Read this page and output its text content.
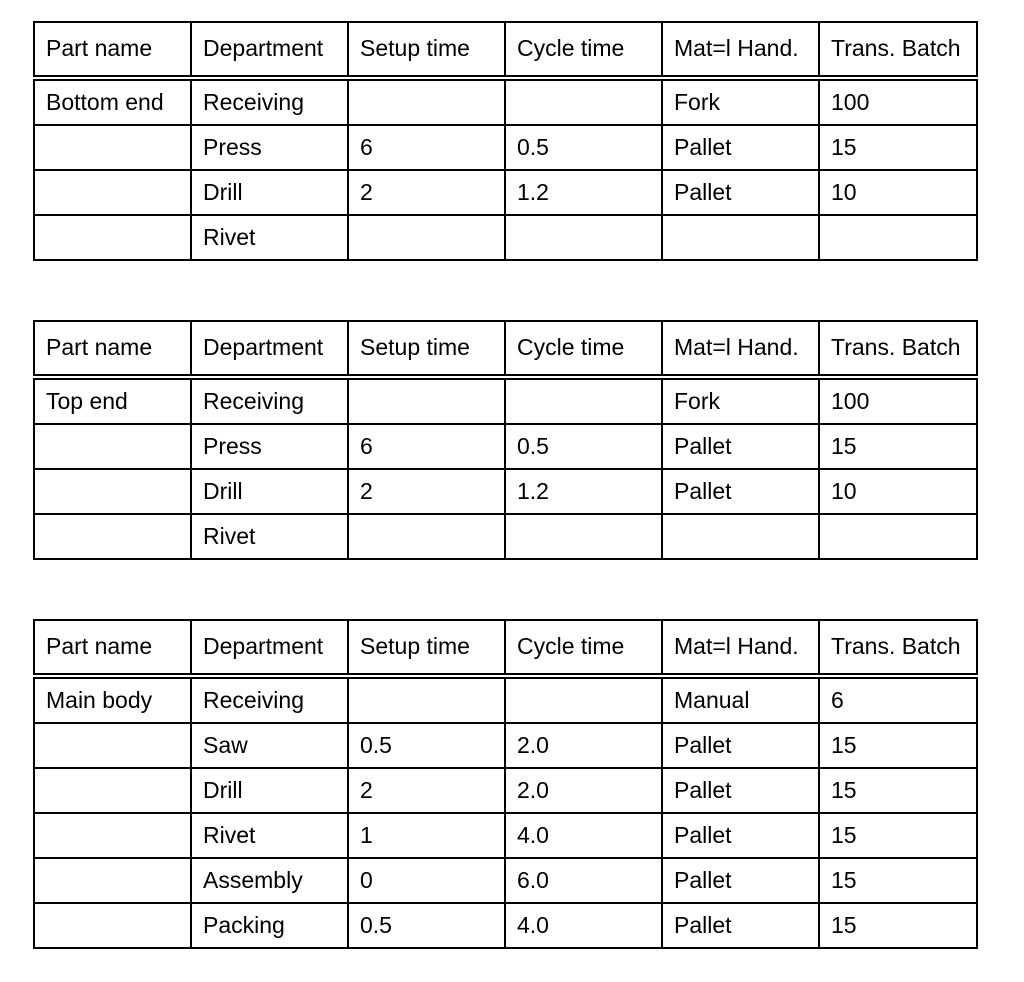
Part name	Department	Setup time	Cycle time	Mat=l Hand.	Trans. Batch
Bottom end	Receiving			Fork	100
	Press	6	0.5	Pallet	15
	Drill	2	1.2	Pallet	10
	Rivet				
Part name	Department	Setup time	Cycle time	Mat=l Hand.	Trans. Batch
Top end	Receiving			Fork	100
	Press	6	0.5	Pallet	15
	Drill	2	1.2	Pallet	10
	Rivet				
Part name	Department	Setup time	Cycle time	Mat=l Hand.	Trans. Batch
Main body	Receiving			Manual	6
	Saw	0.5	2.0	Pallet	15
	Drill	2	2.0	Pallet	15
	Rivet	1	4.0	Pallet	15
	Assembly	0	6.0	Pallet	15
	Packing	0.5	4.0	Pallet	15
